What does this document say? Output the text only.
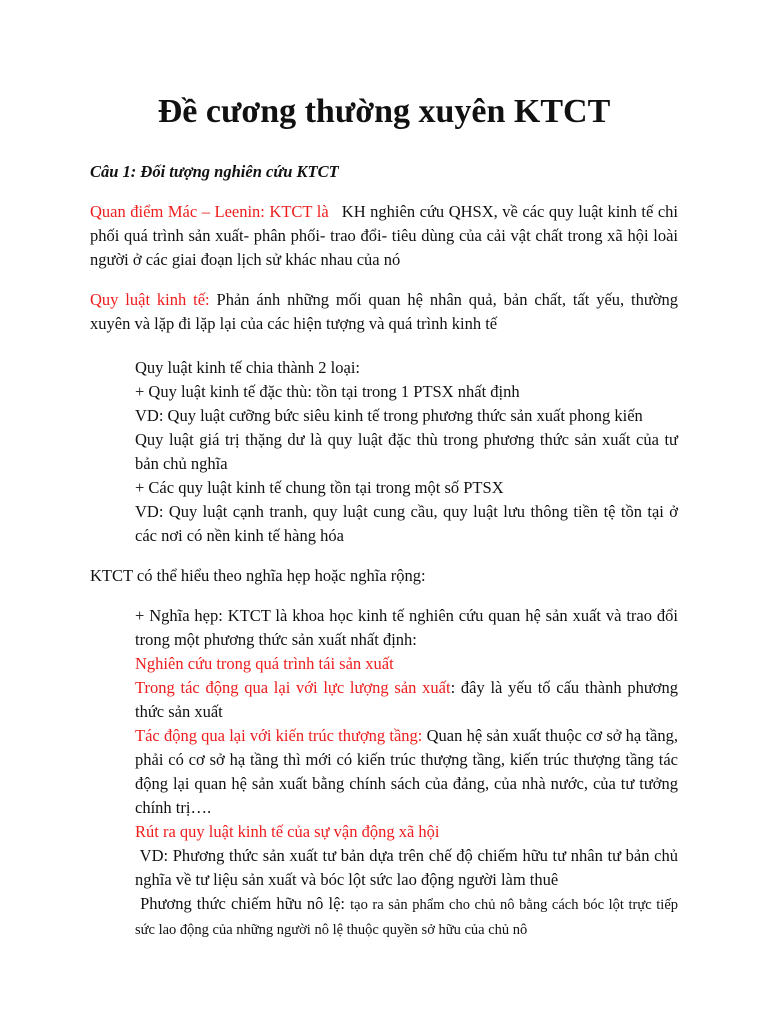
Đề cương thường xuyên KTCT

Câu 1: Đối tượng nghiên cứu KTCT

Quan điểm Mác – Leenin: KTCT là KH nghiên cứu QHSX, về các quy luật kinh tế chi phối quá trình sản xuất- phân phối- trao đổi- tiêu dùng của cải vật chất trong xã hội loài người ở các giai đoạn lịch sử khác nhau của nó

Quy luật kinh tế: Phản ánh những mối quan hệ nhân quả, bản chất, tất yếu, thường xuyên và lặp đi lặp lại của các hiện tượng và quá trình kinh tế

Quy luật kinh tế chia thành 2 loại:

+ Quy luật kinh tế đặc thù: tồn tại trong 1 PTSX nhất định

VD: Quy luật cưỡng bức siêu kinh tế trong phương thức sản xuất phong kiến

Quy luật giá trị thặng dư là quy luật đặc thù trong phương thức sản xuất của tư bản chủ nghĩa

+ Các quy luật kinh tế chung tồn tại trong một số PTSX

VD: Quy luật cạnh tranh, quy luật cung cầu, quy luật lưu thông tiền tệ tồn tại ở các nơi có nền kinh tế hàng hóa

KTCT có thể hiểu theo nghĩa hẹp hoặc nghĩa rộng:

+ Nghĩa hẹp: KTCT là khoa học kinh tế nghiên cứu quan hệ sản xuất và trao đổi trong một phương thức sản xuất nhất định:

Nghiên cứu trong quá trình tái sản xuất

Trong tác động qua lại với lực lượng sản xuất: đây là yếu tố cấu thành phương thức sản xuất

Tác động qua lại với kiến trúc thượng tầng: Quan hệ sản xuất thuộc cơ sở hạ tầng, phải có cơ sở hạ tầng thì mới có kiến trúc thượng tầng, kiến trúc thượng tầng tác động lại quan hệ sản xuất bằng chính sách của đảng, của nhà nước, của tư tưởng chính trị….

Rút ra quy luật kinh tế của sự vận động xã hội

VD: Phương thức sản xuất tư bản dựa trên chế độ chiếm hữu tư nhân tư bản chủ nghĩa về tư liệu sản xuất và bóc lột sức lao động người làm thuê

Phương thức chiếm hữu nô lệ: tạo ra sản phẩm cho chủ nô bằng cách bóc lột trực tiếp sức lao động của những người nô lệ thuộc quyền sở hữu của chủ nô
